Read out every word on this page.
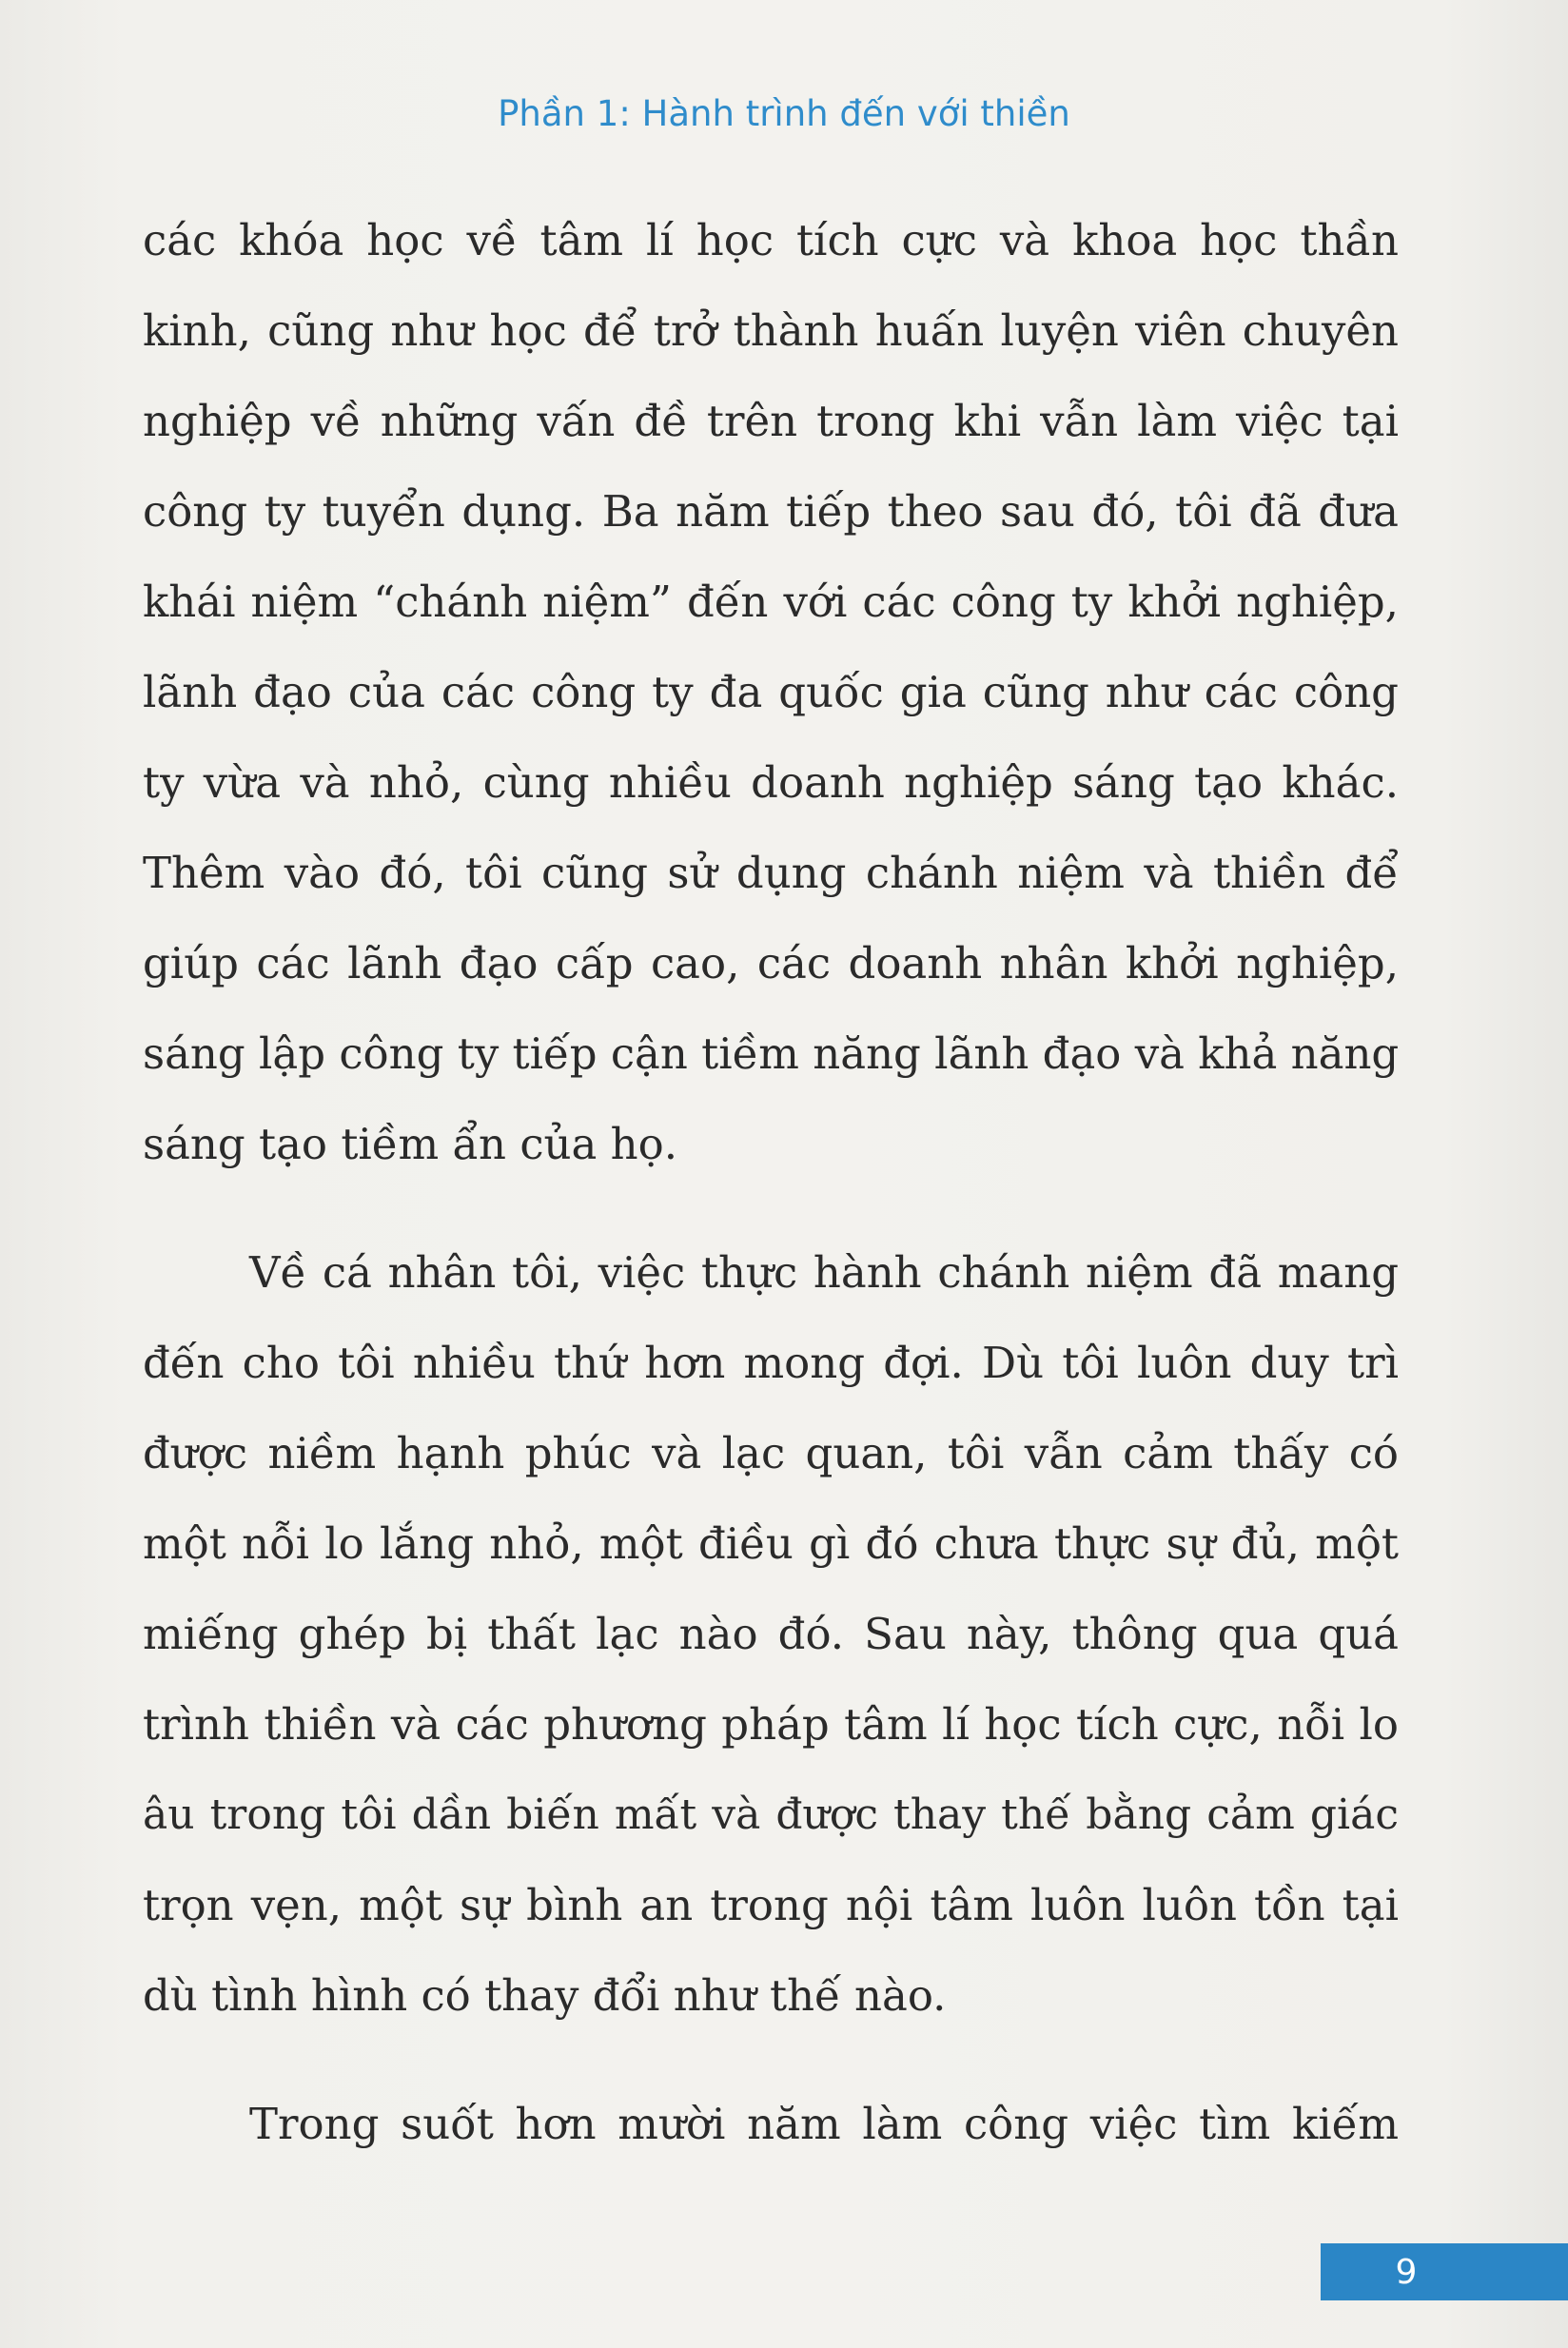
Phần 1: Hành trình đến với thiền
các khóa học về tâm lí học tích cực và khoa học thần
kinh, cũng như học để trở thành huấn luyện viên chuyên
nghiệp về những vấn đề trên trong khi vẫn làm việc tại
công ty tuyển dụng. Ba năm tiếp theo sau đó, tôi đã đưa
khái niệm “chánh niệm” đến với các công ty khởi nghiệp,
lãnh đạo của các công ty đa quốc gia cũng như các công
ty vừa và nhỏ, cùng nhiều doanh nghiệp sáng tạo khác.
Thêm vào đó, tôi cũng sử dụng chánh niệm và thiền để
giúp các lãnh đạo cấp cao, các doanh nhân khởi nghiệp,
sáng lập công ty tiếp cận tiềm năng lãnh đạo và khả năng
sáng tạo tiềm ẩn của họ.
Về cá nhân tôi, việc thực hành chánh niệm đã mang
đến cho tôi nhiều thứ hơn mong đợi. Dù tôi luôn duy trì
được niềm hạnh phúc và lạc quan, tôi vẫn cảm thấy có
một nỗi lo lắng nhỏ, một điều gì đó chưa thực sự đủ, một
miếng ghép bị thất lạc nào đó. Sau này, thông qua quá
trình thiền và các phương pháp tâm lí học tích cực, nỗi lo
âu trong tôi dần biến mất và được thay thế bằng cảm giác
trọn vẹn, một sự bình an trong nội tâm luôn luôn tồn tại
dù tình hình có thay đổi như thế nào.
Trong suốt hơn mười năm làm công việc tìm kiếm
9
